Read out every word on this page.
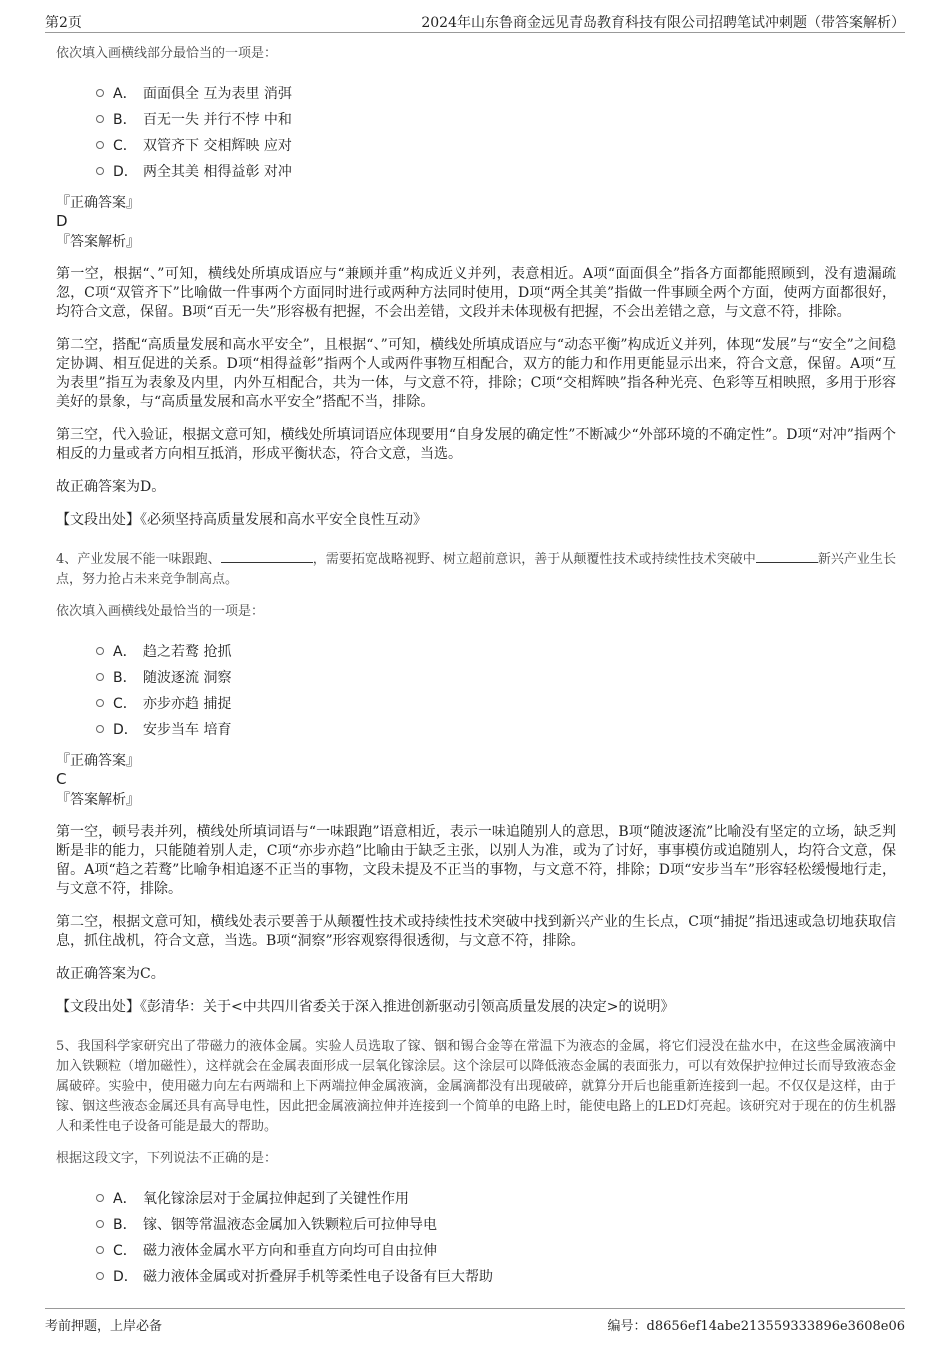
第2页	2024年山东鲁商金远见青岛教育科技有限公司招聘笔试冲刺题（带答案解析）

依次填入画横线部分最恰当的一项是：

A． 面面俱全 互为表里 消弭
B． 百无一失 并行不悖 中和
C． 双管齐下 交相辉映 应对
D． 两全其美 相得益彰 对冲

『正确答案』

D

『答案解析』

第一空，根据“、”可知，横线处所填成语应与“兼顾并重”构成近义并列，表意相近。A项“面面俱全”指各方面都能照顾到，没有遗漏疏忽，C项“双管齐下”比喻做一件事两个方面同时进行或两种方法同时使用，D项“两全其美”指做一件事顾全两个方面，使两方面都很好，均符合文意，保留。B项“百无一失”形容极有把握，不会出差错，文段并未体现极有把握，不会出差错之意，与文意不符，排除。

第二空，搭配“高质量发展和高水平安全”，且根据“、”可知，横线处所填成语应与“动态平衡”构成近义并列，体现“发展”与“安全”之间稳定协调、相互促进的关系。D项“相得益彰”指两个人或两件事物互相配合，双方的能力和作用更能显示出来，符合文意，保留。A项“互为表里”指互为表象及内里，内外互相配合，共为一体，与文意不符，排除；C项“交相辉映”指各种光亮、色彩等互相映照，多用于形容美好的景象，与“高质量发展和高水平安全”搭配不当，排除。

第三空，代入验证，根据文意可知，横线处所填词语应体现要用“自身发展的确定性”不断减少“外部环境的不确定性”。D项“对冲”指两个相反的力量或者方向相互抵消，形成平衡状态，符合文意，当选。

故正确答案为D。

【文段出处】《必须坚持高质量发展和高水平安全良性互动》

4、产业发展不能一味跟跑、	，需要拓宽战略视野、树立超前意识，善于从颠覆性技术或持续性技术突破中	新兴产业生长点，努力抢占未来竞争制高点。

依次填入画横线处最恰当的一项是：

A． 趋之若鹜 抢抓
B． 随波逐流 洞察
C． 亦步亦趋 捕捉
D． 安步当车 培育

『正确答案』

C

『答案解析』

第一空，顿号表并列，横线处所填词语与“一味跟跑”语意相近，表示一味追随别人的意思，B项“随波逐流”比喻没有坚定的立场，缺乏判断是非的能力，只能随着别人走，C项“亦步亦趋”比喻由于缺乏主张，以别人为准，或为了讨好，事事模仿或追随别人，均符合文意，保留。A项“趋之若鹜”比喻争相追逐不正当的事物，文段未提及不正当的事物，与文意不符，排除；D项“安步当车”形容轻松缓慢地行走，与文意不符，排除。

第二空，根据文意可知，横线处表示要善于从颠覆性技术或持续性技术突破中找到新兴产业的生长点，C项“捕捉”指迅速或急切地获取信息，抓住战机，符合文意，当选。B项“洞察”形容观察得很透彻，与文意不符，排除。

故正确答案为C。

【文段出处】《彭清华：关于<中共四川省委关于深入推进创新驱动引领高质量发展的决定>的说明》

5、我国科学家研究出了带磁力的液体金属。实验人员选取了镓、铟和锡合金等在常温下为液态的金属，将它们浸没在盐水中，在这些金属液滴中加入铁颗粒（增加磁性），这样就会在金属表面形成一层氧化镓涂层。这个涂层可以降低液态金属的表面张力，可以有效保护拉伸过长而导致液态金属破碎。实验中，使用磁力向左右两端和上下两端拉伸金属液滴，金属滴都没有出现破碎，就算分开后也能重新连接到一起。不仅仅是这样，由于镓、铟这些液态金属还具有高导电性，因此把金属液滴拉伸并连接到一个简单的电路上时，能使电路上的LED灯亮起。该研究对于现在的仿生机器人和柔性电子设备可能是最大的帮助。

根据这段文字，下列说法不正确的是：

A． 氧化镓涂层对于金属拉伸起到了关键性作用
B． 镓、铟等常温液态金属加入铁颗粒后可拉伸导电
C． 磁力液体金属水平方向和垂直方向均可自由拉伸
D． 磁力液体金属或对折叠屏手机等柔性电子设备有巨大帮助
考前押题，上岸必备	编号：d8656ef14abe213559333896e3608e06
